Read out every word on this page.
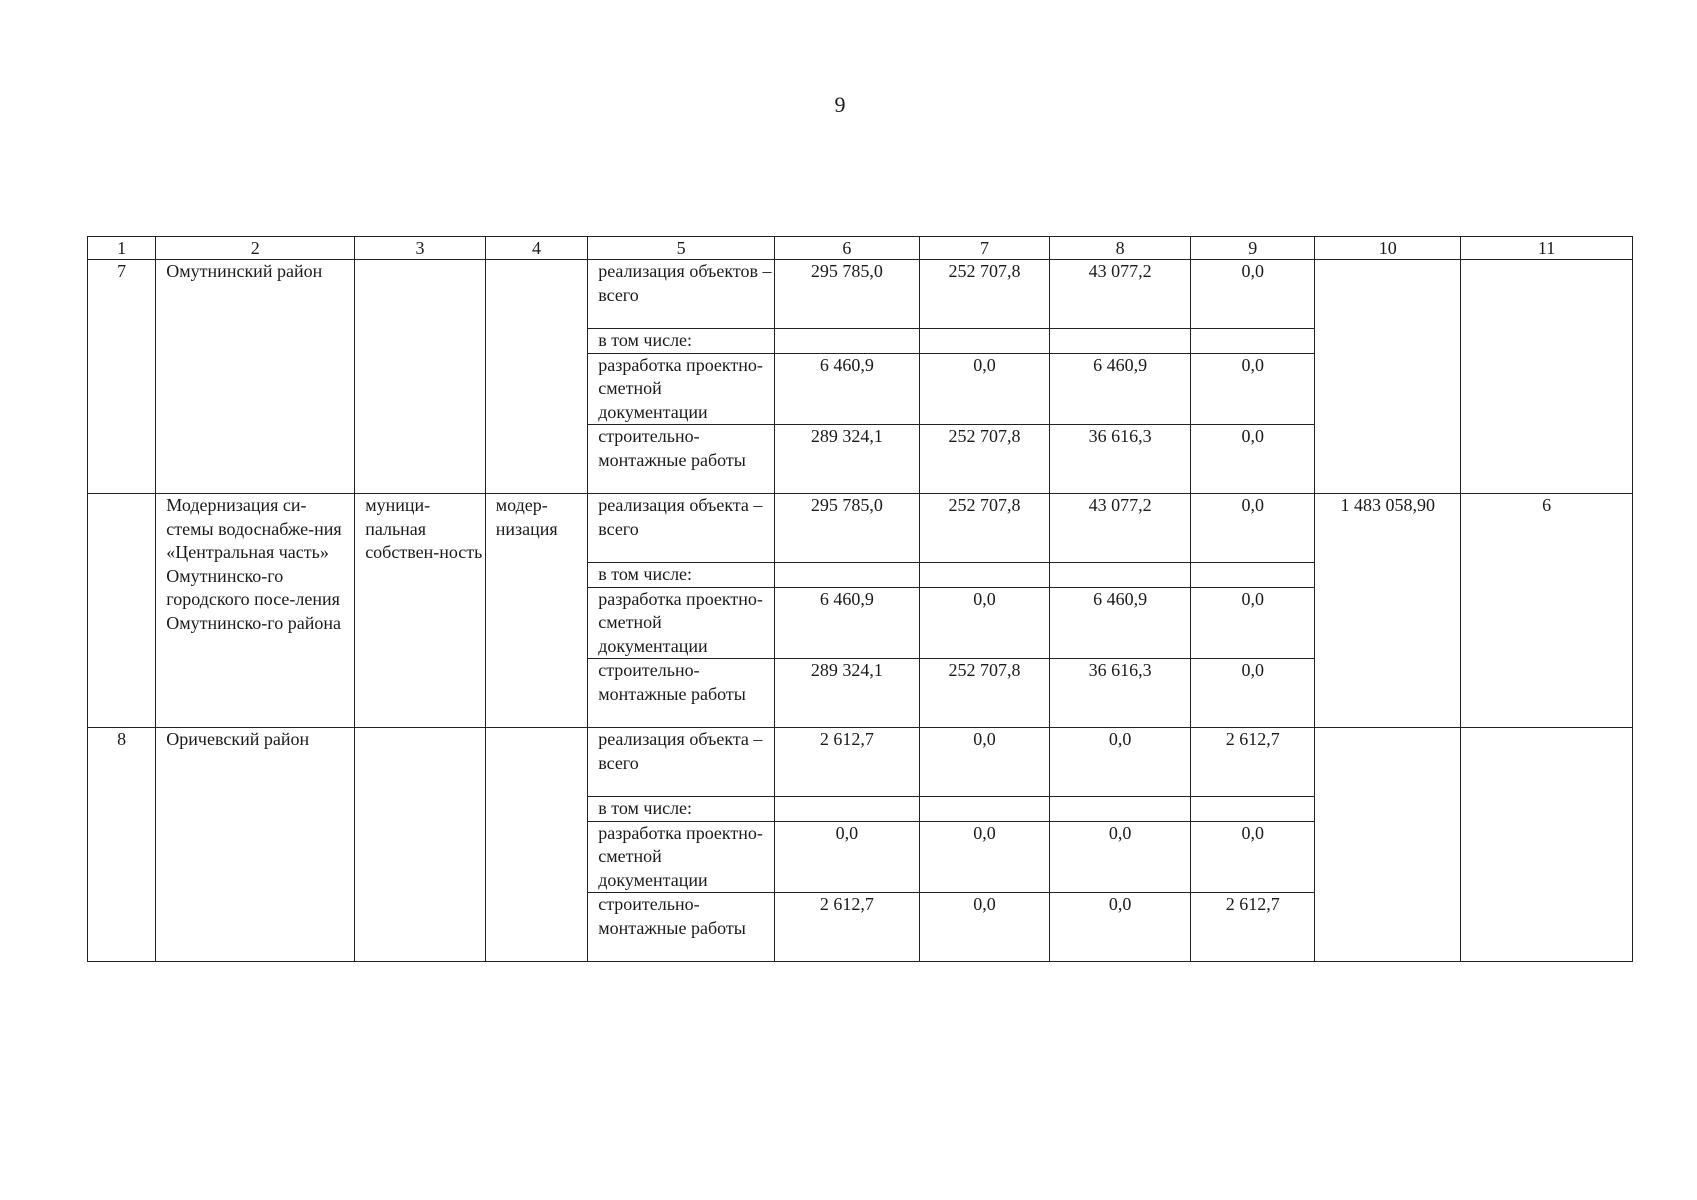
9
1	2	3	4	5	6	7	8	9	10	11
7	Омутнинский район			реализация объектов – всего	295 785,0	252 707,8	43 077,2	0,0		
				в том числе:						
				разработка проектно-сметной документации	6 460,9	0,0	6 460,9	0,0		
				строительно-монтажные работы	289 324,1	252 707,8	36 616,3	0,0		
	Модернизация си-стемы водоснабже-ния «Центральная часть» Омутнинско-го городского посе-ления Омутнинско-го района	муници-пальная собствен-ность	модер-низация	реализация объекта – всего	295 785,0	252 707,8	43 077,2	0,0	1 483 058,90	6
				в том числе:						
				разработка проектно-сметной документации	6 460,9	0,0	6 460,9	0,0		
				строительно-монтажные работы	289 324,1	252 707,8	36 616,3	0,0		
8	Оричевский район			реализация объекта – всего	2 612,7	0,0	0,0	2 612,7		
				в том числе:						
				разработка проектно-сметной документации	0,0	0,0	0,0	0,0		
				строительно-монтажные работы	2 612,7	0,0	0,0	2 612,7		
